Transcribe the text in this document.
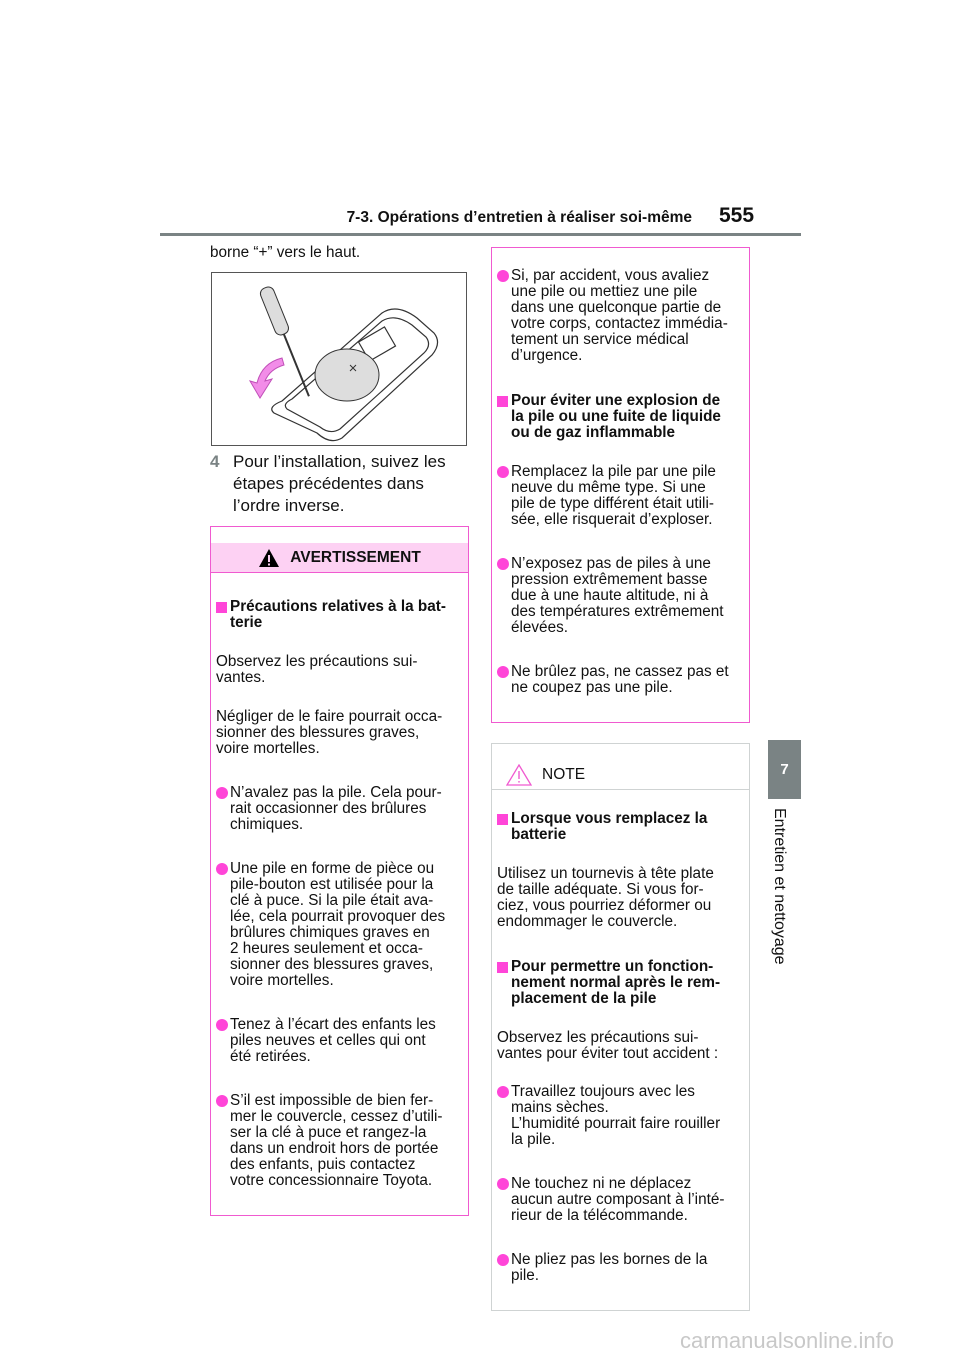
7-3. Opérations d’entretien à réaliser soi-même 555
7
Entretien et nettoyage
borne “+” vers le haut.
4 Pour l’installation, suivez les
étapes précédentes dans
l’ordre inverse.

AVERTISSEMENT

Précautions relatives à la bat-
terie

Observez les précautions sui-
vantes.

Négliger de le faire pourrait occa-
sionner des blessures graves,
voire mortelles.

N’avalez pas la pile. Cela pour-
rait occasionner des brûlures
chimiques.

Une pile en forme de pièce ou
pile-bouton est utilisée pour la
clé à puce. Si la pile était ava-
lée, cela pourrait provoquer des
brûlures chimiques graves en
2 heures seulement et occa-
sionner des blessures graves,
voire mortelles.

Tenez à l’écart des enfants les
piles neuves et celles qui ont
été retirées.

S’il est impossible de bien fer-
mer le couvercle, cessez d’utili-
ser la clé à puce et rangez-la
dans un endroit hors de portée
des enfants, puis contactez
votre concessionnaire Toyota.

Si, par accident, vous avaliez
une pile ou mettiez une pile
dans une quelconque partie de
votre corps, contactez immédia-
tement un service médical
d’urgence.

Pour éviter une explosion de
la pile ou une fuite de liquide
ou de gaz inflammable

Remplacez la pile par une pile
neuve du même type. Si une
pile de type différent était utili-
sée, elle risquerait d’exploser.

N’exposez pas de piles à une
pression extrêmement basse
due à une haute altitude, ni à
des températures extrêmement
élevées.

Ne brûlez pas, ne cassez pas et
ne coupez pas une pile.

NOTE

Lorsque vous remplacez la
batterie

Utilisez un tournevis à tête plate
de taille adéquate. Si vous for-
ciez, vous pourriez déformer ou
endommager le couvercle.

Pour permettre un fonction-
nement normal après le rem-
placement de la pile

Observez les précautions sui-
vantes pour éviter tout accident :

Travaillez toujours avec les
mains sèches.
L’humidité pourrait faire rouiller
la pile.

Ne touchez ni ne déplacez
aucun autre composant à l’inté-
rieur de la télécommande.

Ne pliez pas les bornes de la
pile.

carmanualsonline.info
